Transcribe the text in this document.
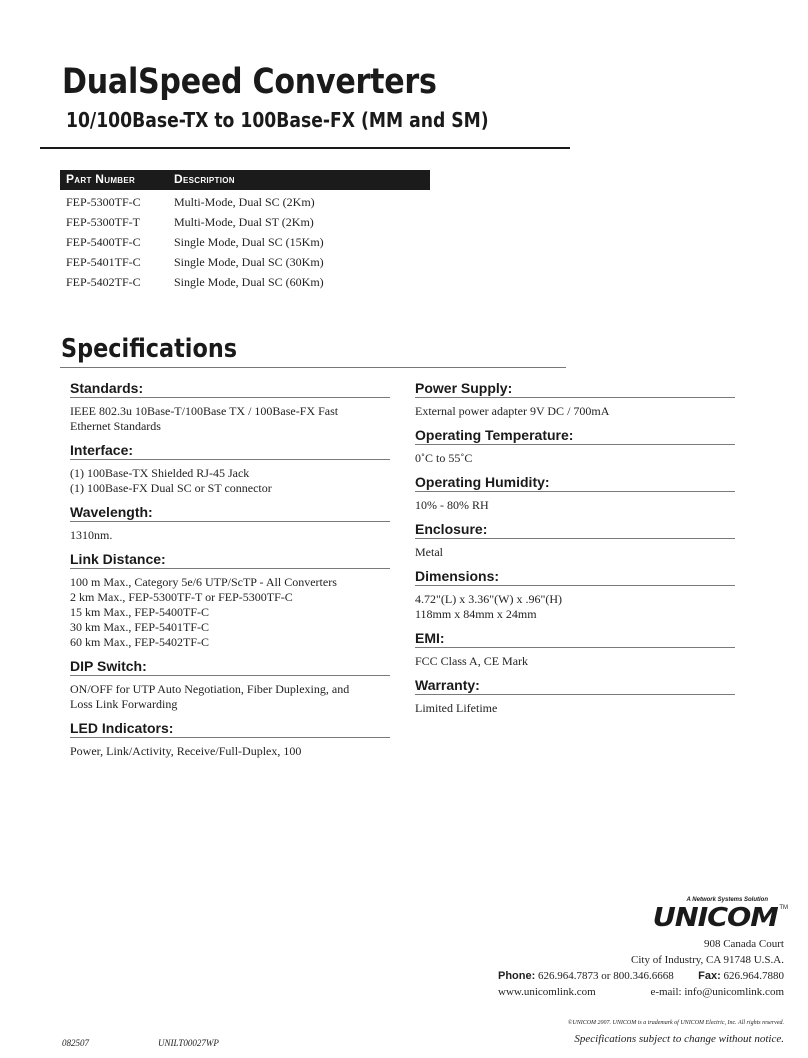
DualSpeed Converters
10/100Base-TX to 100Base-FX (MM and SM)
Part Number	Description
FEP-5300TF-C	Multi-Mode, Dual SC (2Km)
FEP-5300TF-T	Multi-Mode, Dual ST (2Km)
FEP-5400TF-C	Single Mode, Dual SC (15Km)
FEP-5401TF-C	Single Mode, Dual SC (30Km)
FEP-5402TF-C	Single Mode, Dual SC (60Km)
Specifications
Standards:
IEEE 802.3u 10Base-T/100Base TX / 100Base-FX Fast
Ethernet Standards
Interface:
(1) 100Base-TX Shielded RJ-45 Jack
(1) 100Base-FX Dual SC or ST connector
Wavelength:
1310nm.
Link Distance:
100 m Max., Category 5e/6 UTP/ScTP - All Converters
2 km Max., FEP-5300TF-T or FEP-5300TF-C
15 km Max., FEP-5400TF-C
30 km Max., FEP-5401TF-C
60 km Max., FEP-5402TF-C
DIP Switch:
ON/OFF for UTP Auto Negotiation, Fiber Duplexing, and
Loss Link Forwarding
LED Indicators:
Power, Link/Activity, Receive/Full-Duplex, 100
Power Supply:
External power adapter 9V DC / 700mA
Operating Temperature:
0˚C to 55˚C
Operating Humidity:
10% - 80% RH
Enclosure:
Metal
Dimensions:
4.72"(L) x 3.36"(W) x .96"(H)
118mm x 84mm x 24mm
EMI:
FCC Class A, CE Mark
Warranty:
Limited Lifetime
A Network Systems Solution
UNICOM TM
908 Canada Court
City of Industry, CA 91748 U.S.A.
Phone: 626.964.7873 or 800.346.6668 Fax: 626.964.7880
www.unicomlink.com	e-mail: info@unicomlink.com
©UNICOM 2007. UNICOM is a trademark of UNICOM Electric, Inc. All rights reserved.
Specifications subject to change without notice.
082507	UNILT00027WP
